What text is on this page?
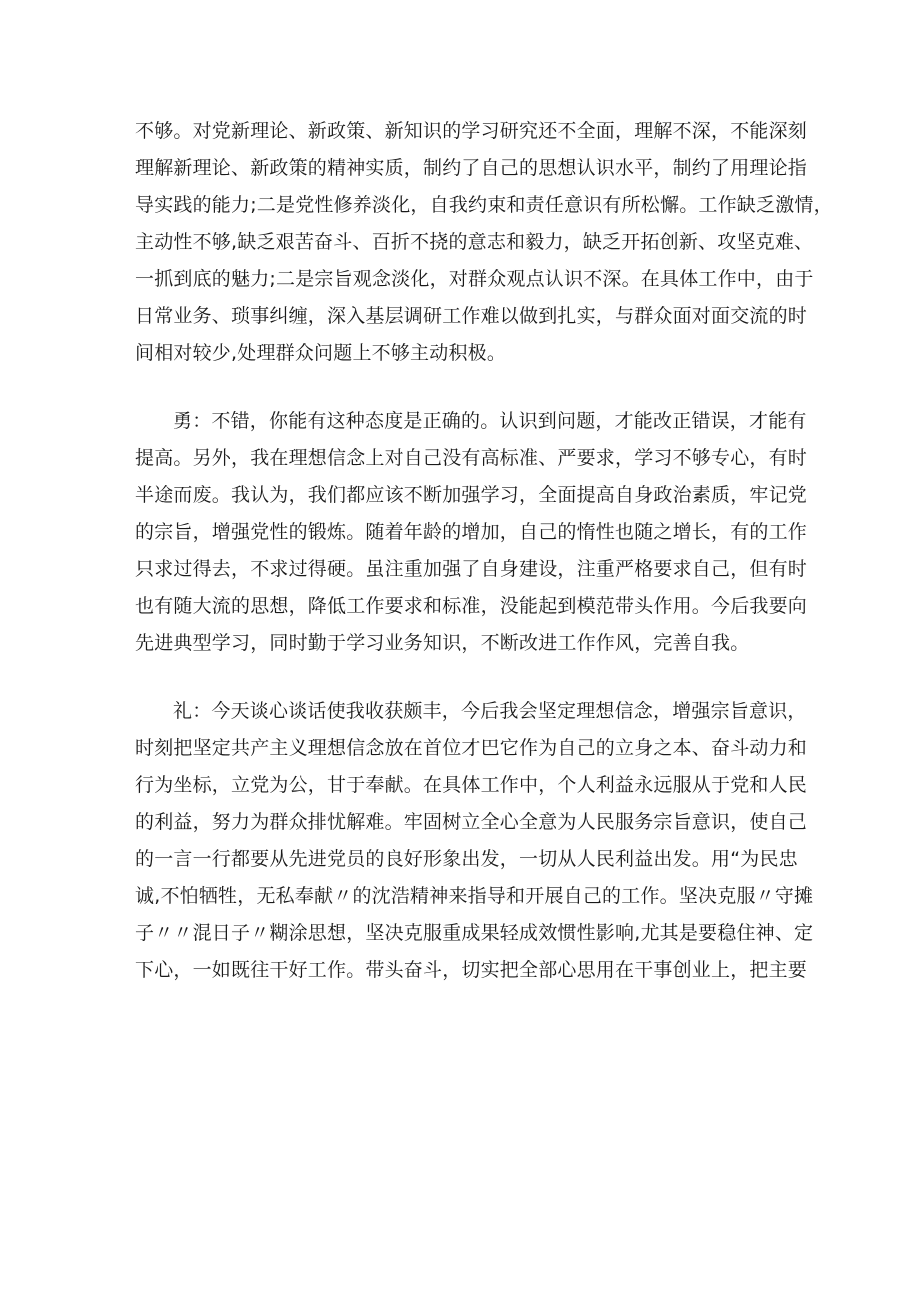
不够。对党新理论、新政策、新知识的学习研究还不全面，理解不深，不能深刻
理解新理论、新政策的精神实质，制约了自己的思想认识水平，制约了用理论指
导实践的能力;二是党性修养淡化，自我约束和责任意识有所松懈。工作缺乏激情，
主动性不够,缺乏艰苦奋斗、百折不挠的意志和毅力，缺乏开拓创新、攻坚克难、
一抓到底的魅力;二是宗旨观念淡化，对群众观点认识不深。在具体工作中，由于
日常业务、琐事纠缠，深入基层调研工作难以做到扎实，与群众面对面交流的时
间相对较少,处理群众问题上不够主动积极。
勇：不错，你能有这种态度是正确的。认识到问题，才能改正错误，才能有
提高。另外，我在理想信念上对自己没有高标准、严要求，学习不够专心，有时
半途而废。我认为，我们都应该不断加强学习，全面提高自身政治素质，牢记党
的宗旨，增强党性的锻炼。随着年龄的增加，自己的惰性也随之增长，有的工作
只求过得去，不求过得硬。虽注重加强了自身建设，注重严格要求自己，但有时
也有随大流的思想，降低工作要求和标准，没能起到模范带头作用。今后我要向
先进典型学习，同时勤于学习业务知识，不断改进工作作风，完善自我。
礼：今天谈心谈话使我收获颇丰，今后我会坚定理想信念，增强宗旨意识，
时刻把坚定共产主义理想信念放在首位才巴它作为自己的立身之本、奋斗动力和
行为坐标，立党为公，甘于奉献。在具体工作中，个人利益永远服从于党和人民
的利益，努力为群众排忧解难。牢固树立全心全意为人民服务宗旨意识，使自己
的一言一行都要从先进党员的良好形象出发，一切从人民利益出发。用“为民忠
诚,不怕牺牲，无私奉献〃的沈浩精神来指导和开展自己的工作。坚决克服〃守摊
子〃〃混日子〃糊涂思想，坚决克服重成果轻成效惯性影响,尤其是要稳住神、定
下心，一如既往干好工作。带头奋斗，切实把全部心思用在干事创业上，把主要
